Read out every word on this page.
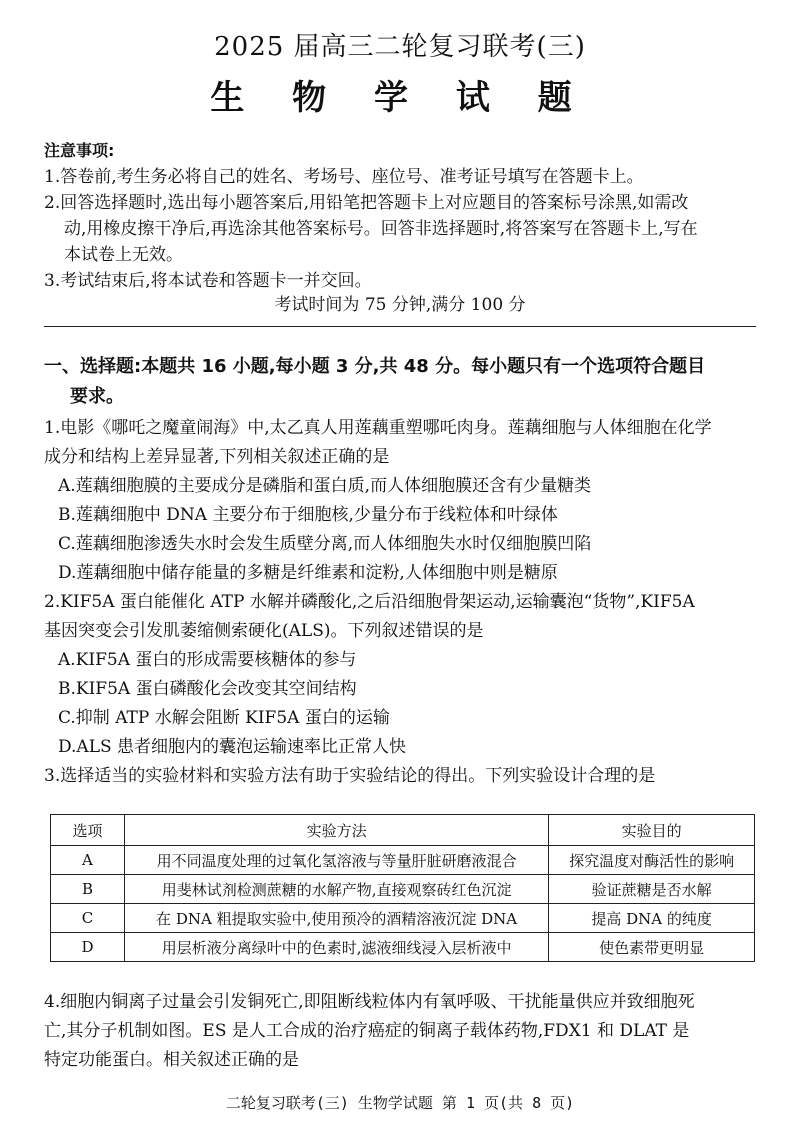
2025 届高三二轮复习联考(三)
生 物 学 试 题

注意事项:

1.答卷前,考生务必将自己的姓名、考场号、座位号、准考证号填写在答题卡上。

2.回答选择题时,选出每小题答案后,用铅笔把答题卡上对应题目的答案标号涂黑,如需改

动,用橡皮擦干净后,再选涂其他答案标号。回答非选择题时,将答案写在答题卡上,写在

本试卷上无效。

3.考试结束后,将本试卷和答题卡一并交回。

考试时间为 75 分钟,满分 100 分
一、选择题:本题共 16 小题,每小题 3 分,共 48 分。每小题只有一个选项符合题目
要求。

1.电影《哪吒之魔童闹海》中,太乙真人用莲藕重塑哪吒肉身。莲藕细胞与人体细胞在化学

成分和结构上差异显著,下列相关叙述正确的是

A.莲藕细胞膜的主要成分是磷脂和蛋白质,而人体细胞膜还含有少量糖类

B.莲藕细胞中 DNA 主要分布于细胞核,少量分布于线粒体和叶绿体

C.莲藕细胞渗透失水时会发生质壁分离,而人体细胞失水时仅细胞膜凹陷

D.莲藕细胞中储存能量的多糖是纤维素和淀粉,人体细胞中则是糖原

2.KIF5A 蛋白能催化 ATP 水解并磷酸化,之后沿细胞骨架运动,运输囊泡“货物”,KIF5A

基因突变会引发肌萎缩侧索硬化(ALS)。下列叙述错误的是

A.KIF5A 蛋白的形成需要核糖体的参与

B.KIF5A 蛋白磷酸化会改变其空间结构

C.抑制 ATP 水解会阻断 KIF5A 蛋白的运输

D.ALS 患者细胞内的囊泡运输速率比正常人快

3.选择适当的实验材料和实验方法有助于实验结论的得出。下列实验设计合理的是

选项	实验方法	实验目的
A	用不同温度处理的过氧化氢溶液与等量肝脏研磨液混合	探究温度对酶活性的影响
B	用斐林试剂检测蔗糖的水解产物,直接观察砖红色沉淀	验证蔗糖是否水解
C	在 DNA 粗提取实验中,使用预冷的酒精溶液沉淀 DNA	提高 DNA 的纯度
D	用层析液分离绿叶中的色素时,滤液细线浸入层析液中	使色素带更明显

4.细胞内铜离子过量会引发铜死亡,即阻断线粒体内有氧呼吸、干扰能量供应并致细胞死

亡,其分子机制如图。ES 是人工合成的治疗癌症的铜离子载体药物,FDX1 和 DLAT 是

特定功能蛋白。相关叙述正确的是

二轮复习联考(三) 生物学试题 第 1 页(共 8 页)
